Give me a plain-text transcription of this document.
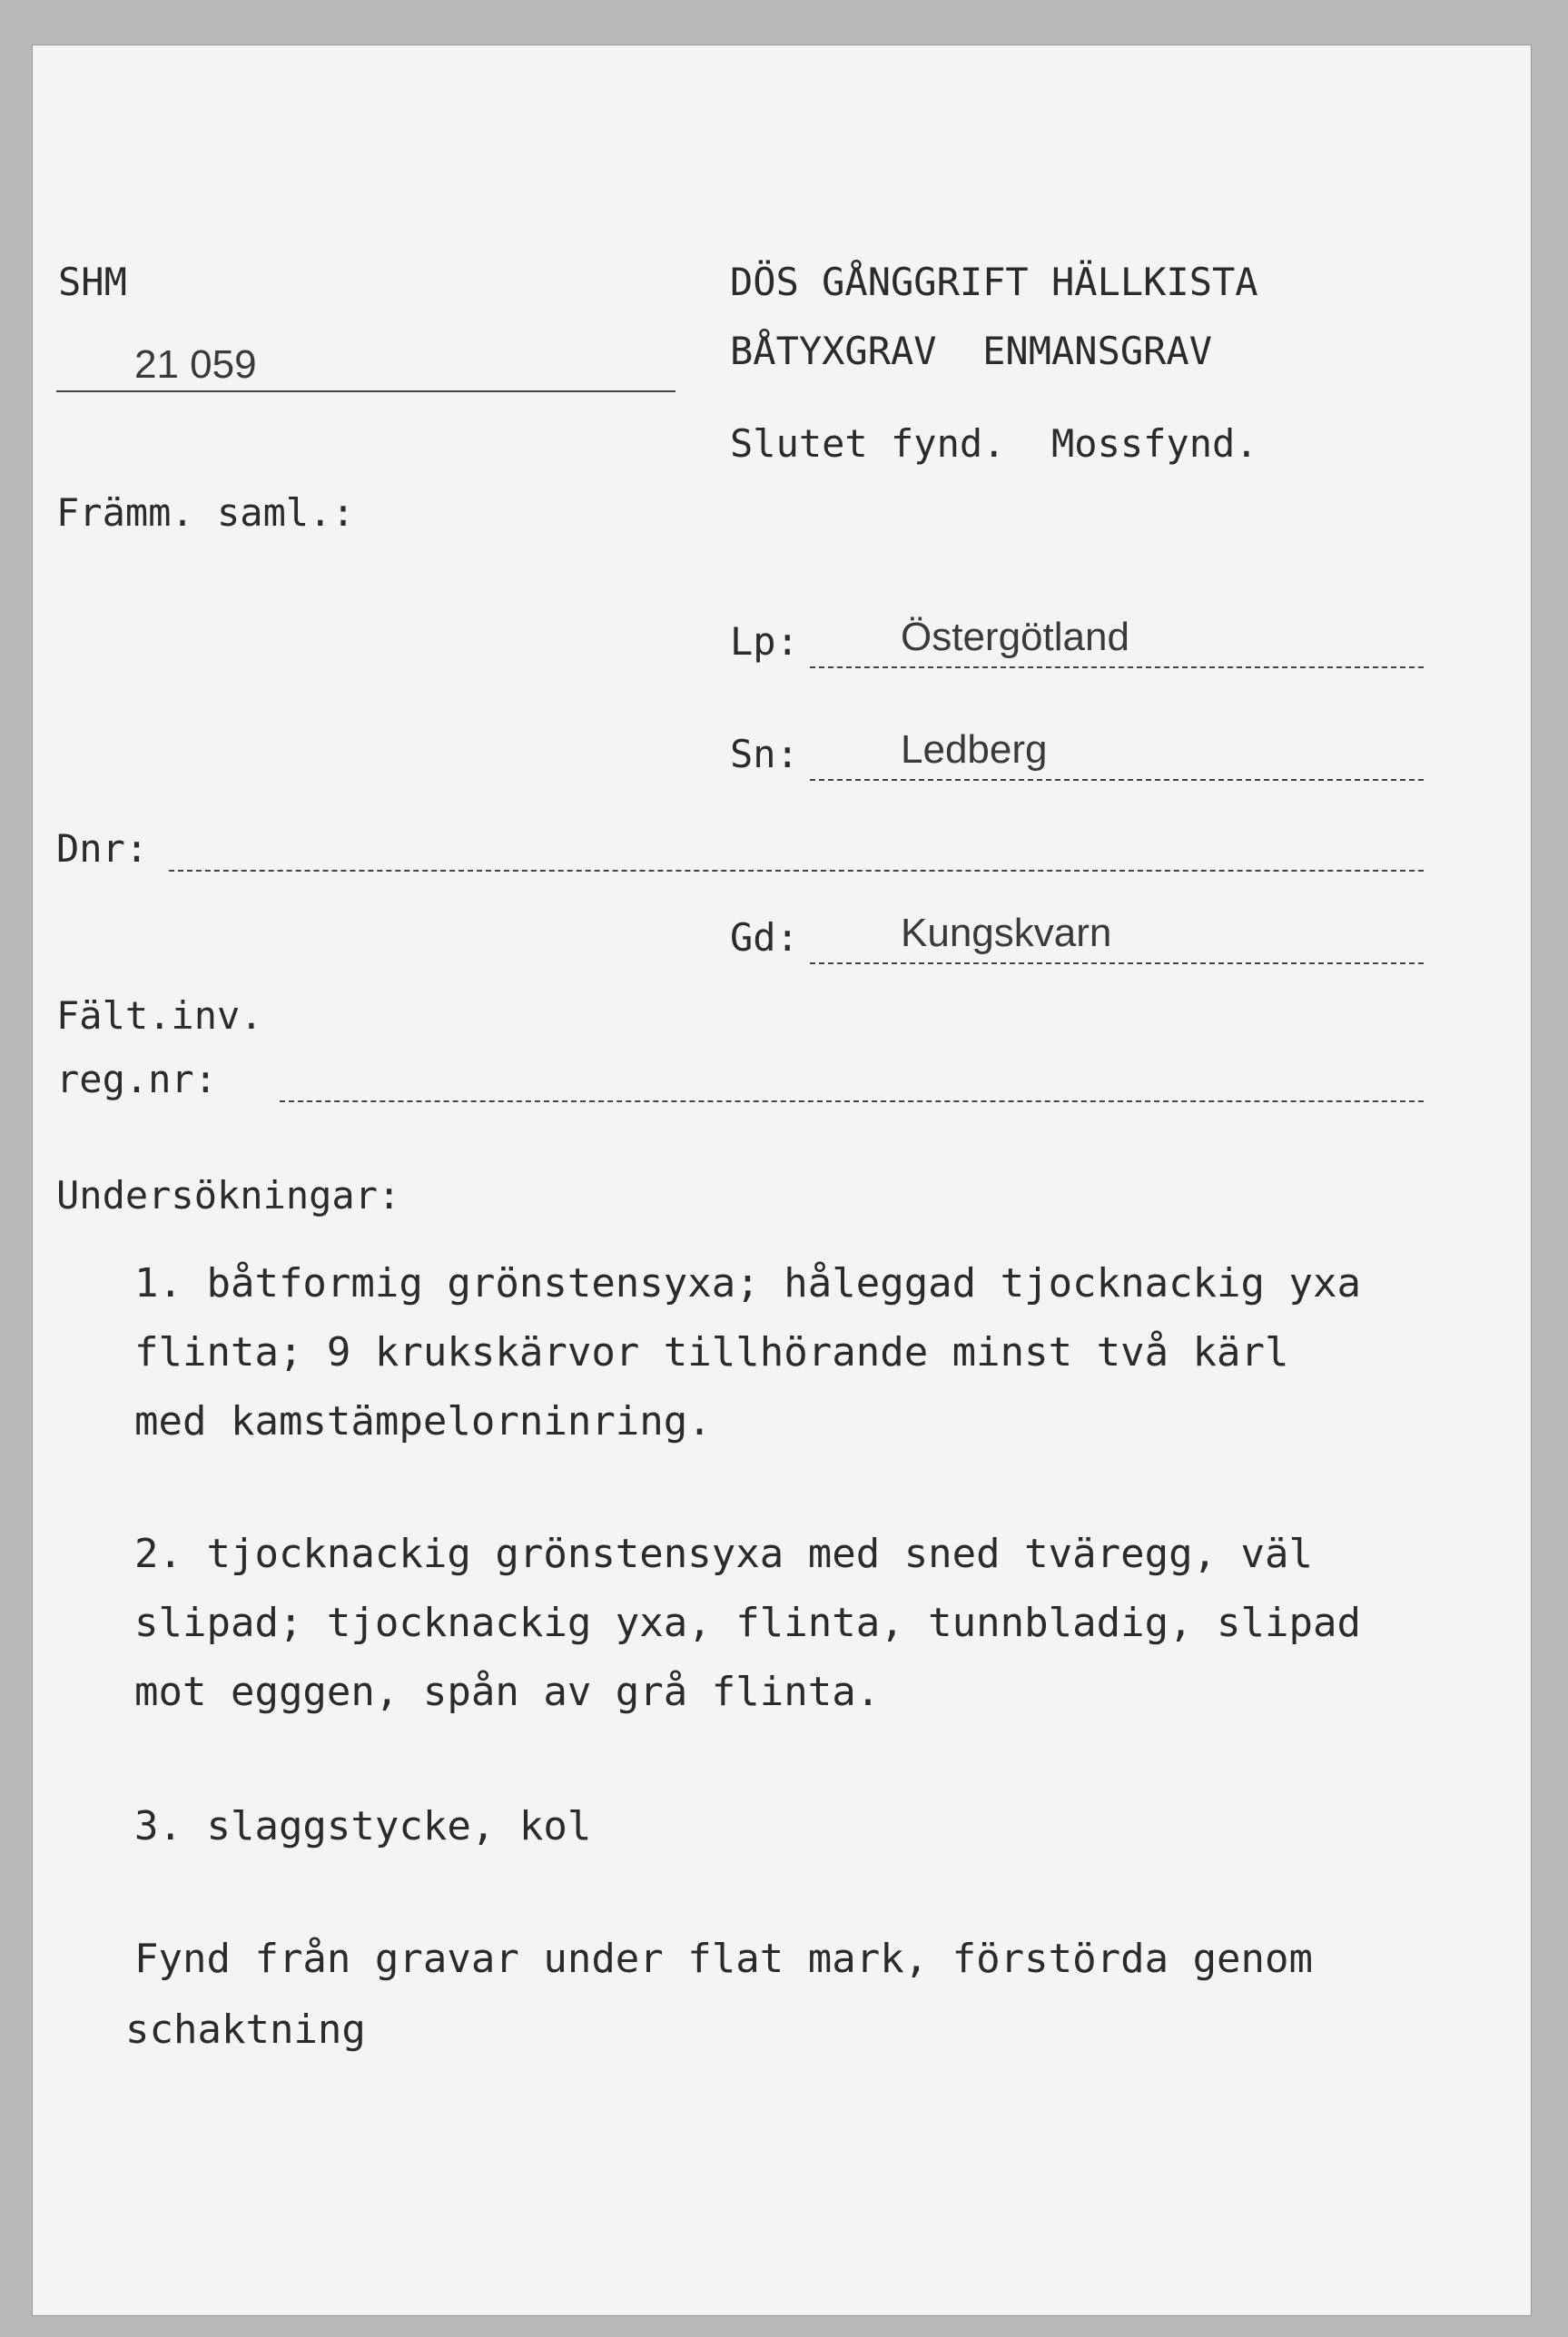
SHM
21 059
Främm. saml.:
DÖS GÅNGGRIFT HÄLLKISTA
BÅTYXGRAV  ENMANSGRAV
Slutet fynd.  Mossfynd.
Lp:	Östergötland
Sn:	Ledberg
Dnr:
Gd:	Kungskvarn
Fält.inv.
reg.nr:
Undersökningar:
1. båtformig grönstensyxa; håleggad tjocknackig yxa
flinta; 9 krukskärvor tillhörande minst två kärl
med kamstämpelorninring.
2. tjocknackig grönstensyxa med sned tväregg, väl
slipad; tjocknackig yxa, flinta, tunnbladig, slipad
mot egggen, spån av grå flinta.
3. slaggstycke, kol
Fynd från gravar under flat mark, förstörda genom
schaktning
